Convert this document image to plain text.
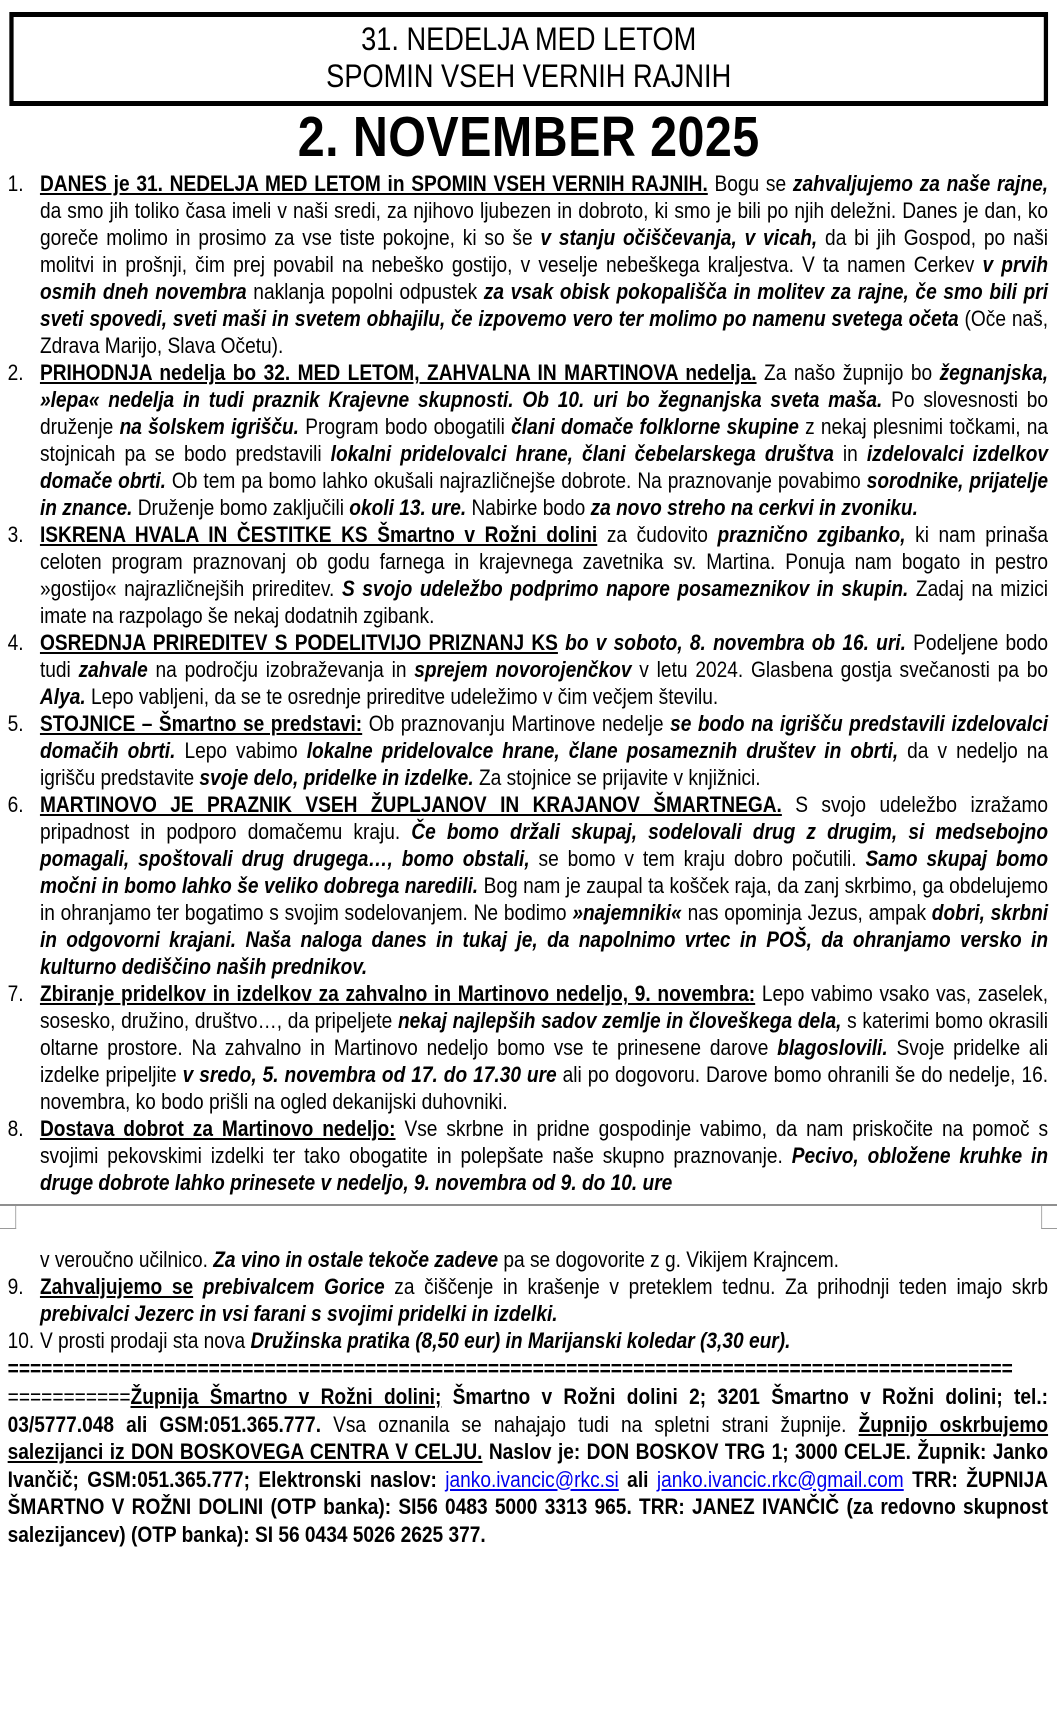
31. NEDELJA MED LETOM
SPOMIN VSEH VERNIH RAJNIH
2. NOVEMBER 2025
1. DANES je 31. NEDELJA MED LETOM in SPOMIN VSEH VERNIH RAJNIH. Bogu se zahvaljujemo za naše rajne, da smo jih toliko časa imeli v naši sredi, za njihovo ljubezen in dobroto, ki smo je bili po njih deležni. Danes je dan, ko goreče molimo in prosimo za vse tiste pokojne, ki so še v stanju očiščevanja, v vicah, da bi jih Gospod, po naši molitvi in prošnji, čim prej povabil na nebeško gostijo, v veselje nebeškega kraljestva. V ta namen Cerkev v prvih osmih dneh novembra naklanja popolni odpustek za vsak obisk pokopališča in molitev za rajne, če smo bili pri sveti spovedi, sveti maši in svetem obhajilu, če izpovemo vero ter molimo po namenu svetega očeta (Oče naš, Zdrava Marijo, Slava Očetu).
2. PRIHODNJA nedelja bo 32. MED LETOM, ZAHVALNA IN MARTINOVA nedelja. Za našo župnijo bo žegnanjska, »lepa« nedelja in tudi praznik Krajevne skupnosti. Ob 10. uri bo žegnanjska sveta maša. Po slovesnosti bo druženje na šolskem igrišču. Program bodo obogatili člani domače folklorne skupine z nekaj plesnimi točkami, na stojnicah pa se bodo predstavili lokalni pridelovalci hrane, člani čebelarskega društva in izdelovalci izdelkov domače obrti. Ob tem pa bomo lahko okušali najrazličnejše dobrote. Na praznovanje povabimo sorodnike, prijatelje in znance. Druženje bomo zaključili okoli 13. ure. Nabirke bodo za novo streho na cerkvi in zvoniku.
3. ISKRENA HVALA IN ČESTITKE KS Šmartno v Rožni dolini za čudovito praznično zgibanko, ki nam prinaša celoten program praznovanj ob godu farnega in krajevnega zavetnika sv. Martina. Ponuja nam bogato in pestro »gostijo« najrazličnejših prireditev. S svojo udeležbo podprimo napore posameznikov in skupin. Zadaj na mizici imate na razpolago še nekaj dodatnih zgibank.
4. OSREDNJA PRIREDITEV S PODELITVIJO PRIZNANJ KS bo v soboto, 8. novembra ob 16. uri. Podeljene bodo tudi zahvale na področju izobraževanja in sprejem novorojenčkov v letu 2024. Glasbena gostja svečanosti pa bo Alya. Lepo vabljeni, da se te osrednje prireditve udeležimo v čim večjem številu.
5. STOJNICE – Šmartno se predstavi: Ob praznovanju Martinove nedelje se bodo na igrišču predstavili izdelovalci domačih obrti. Lepo vabimo lokalne pridelovalce hrane, člane posameznih društev in obrti, da v nedeljo na igrišču predstavite svoje delo, pridelke in izdelke. Za stojnice se prijavite v knjižnici.
6. MARTINOVO JE PRAZNIK VSEH ŽUPLJANOV IN KRAJANOV ŠMARTNEGA. S svojo udeležbo izražamo pripadnost in podporo domačemu kraju. Če bomo držali skupaj, sodelovali drug z drugim, si medsebojno pomagali, spoštovali drug drugega…, bomo obstali, se bomo v tem kraju dobro počutili. Samo skupaj bomo močni in bomo lahko še veliko dobrega naredili. Bog nam je zaupal ta košček raja, da zanj skrbimo, ga obdelujemo in ohranjamo ter bogatimo s svojim sodelovanjem. Ne bodimo »najemniki« nas opominja Jezus, ampak dobri, skrbni in odgovorni krajani. Naša naloga danes in tukaj je, da napolnimo vrtec in POŠ, da ohranjamo versko in kulturno dediščino naših prednikov.
7. Zbiranje pridelkov in izdelkov za zahvalno in Martinovo nedeljo, 9. novembra: Lepo vabimo vsako vas, zaselek, sosesko, družino, društvo…, da pripeljete nekaj najlepših sadov zemlje in človeškega dela, s katerimi bomo okrasili oltarne prostore. Na zahvalno in Martinovo nedeljo bomo vse te prinesene darove blagoslovili. Svoje pridelke ali izdelke pripeljite v sredo, 5. novembra od 17. do 17.30 ure ali po dogovoru. Darove bomo ohranili še do nedelje, 16. novembra, ko bodo prišli na ogled dekanijski duhovniki.
8. Dostava dobrot za Martinovo nedeljo: Vse skrbne in pridne gospodinje vabimo, da nam priskočite na pomoč s svojimi pekovskimi izdelki ter tako obogatite in polepšate naše skupno praznovanje. Pecivo, obložene kruhke in druge dobrote lahko prinesete v nedeljo, 9. novembra od 9. do 10. ure
v veroučno učilnico. Za vino in ostale tekoče zadeve pa se dogovorite z g. Vikijem Krajncem.
9. Zahvaljujemo se prebivalcem Gorice za čiščenje in krašenje v preteklem tednu. Za prihodnji teden imajo skrb prebivalci Jezerc in vsi farani s svojimi pridelki in izdelki.
10. V prosti prodaji sta nova Družinska pratika (8,50 eur) in Marijanski koledar (3,30 eur).
==========================================================================================
===========Župnija Šmartno v Rožni dolini; Šmartno v Rožni dolini 2; 3201 Šmartno v Rožni dolini; tel.: 03/5777.048 ali GSM:051.365.777. Vsa oznanila se nahajajo tudi na spletni strani župnije. Župnijo oskrbujemo salezijanci iz DON BOSKOVEGA CENTRA V CELJU. Naslov je: DON BOSKOV TRG 1; 3000 CELJE. Župnik: Janko Ivančič; GSM:051.365.777; Elektronski naslov: janko.ivancic@rkc.si ali janko.ivancic.rkc@gmail.com TRR: ŽUPNIJA ŠMARTNO V ROŽNI DOLINI (OTP banka): SI56 0483 5000 3313 965. TRR: JANEZ IVANČIČ (za redovno skupnost salezijancev) (OTP banka): SI 56 0434 5026 2625 377.
